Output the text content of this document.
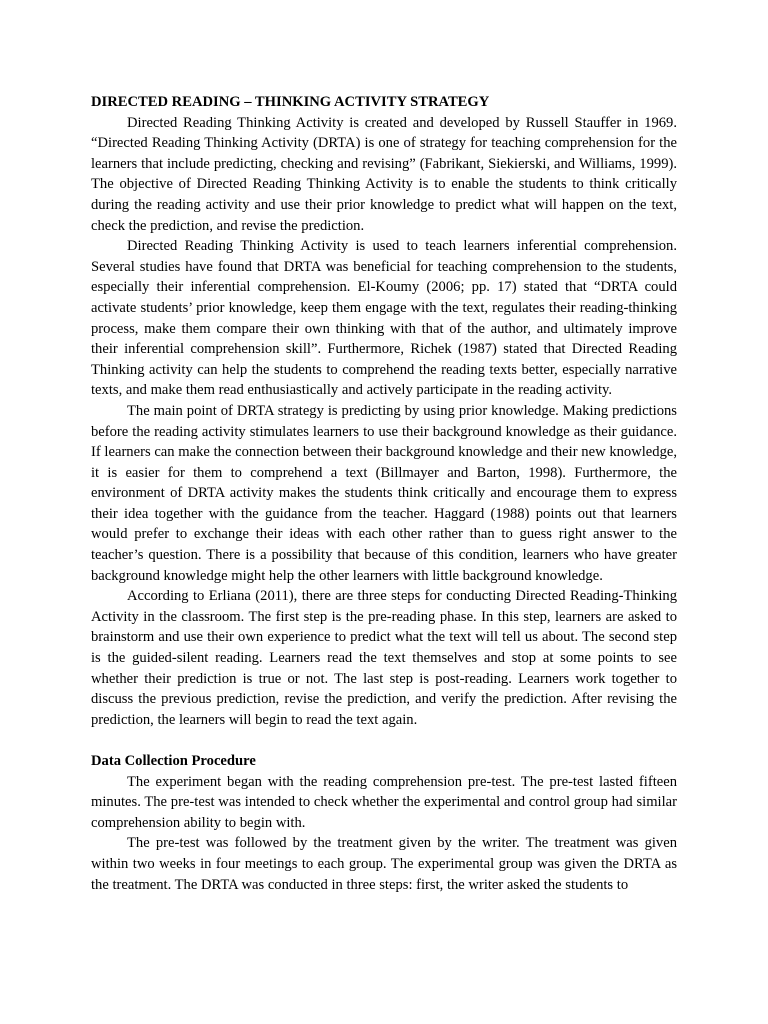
DIRECTED READING – THINKING ACTIVITY STRATEGY

Directed Reading Thinking Activity is created and developed by Russell Stauffer in 1969. “Directed Reading Thinking Activity (DRTA) is one of strategy for teaching comprehension for the learners that include predicting, checking and revising” (Fabrikant, Siekierski, and Williams, 1999). The objective of Directed Reading Thinking Activity is to enable the students to think critically during the reading activity and use their prior knowledge to predict what will happen on the text, check the prediction, and revise the prediction.

Directed Reading Thinking Activity is used to teach learners inferential comprehension. Several studies have found that DRTA was beneficial for teaching comprehension to the students, especially their inferential comprehension. El-Koumy (2006; pp. 17) stated that “DRTA could activate students’ prior knowledge, keep them engage with the text, regulates their reading-thinking process, make them compare their own thinking with that of the author, and ultimately improve their inferential comprehension skill”. Furthermore, Richek (1987) stated that Directed Reading Thinking activity can help the students to comprehend the reading texts better, especially narrative texts, and make them read enthusiastically and actively participate in the reading activity.

The main point of DRTA strategy is predicting by using prior knowledge. Making predictions before the reading activity stimulates learners to use their background knowledge as their guidance. If learners can make the connection between their background knowledge and their new knowledge, it is easier for them to comprehend a text (Billmayer and Barton, 1998). Furthermore, the environment of DRTA activity makes the students think critically and encourage them to express their idea together with the guidance from the teacher. Haggard (1988) points out that learners would prefer to exchange their ideas with each other rather than to guess right answer to the teacher’s question. There is a possibility that because of this condition, learners who have greater background knowledge might help the other learners with little background knowledge.

According to Erliana (2011), there are three steps for conducting Directed Reading-Thinking Activity in the classroom. The first step is the pre-reading phase. In this step, learners are asked to brainstorm and use their own experience to predict what the text will tell us about. The second step is the guided-silent reading. Learners read the text themselves and stop at some points to see whether their prediction is true or not. The last step is post-reading. Learners work together to discuss the previous prediction, revise the prediction, and verify the prediction. After revising the prediction, the learners will begin to read the text again.

Data Collection Procedure

The experiment began with the reading comprehension pre-test. The pre-test lasted fifteen minutes. The pre-test was intended to check whether the experimental and control group had similar comprehension ability to begin with.

The pre-test was followed by the treatment given by the writer. The treatment was given within two weeks in four meetings to each group. The experimental group was given the DRTA as the treatment. The DRTA was conducted in three steps: first, the writer asked the students to
